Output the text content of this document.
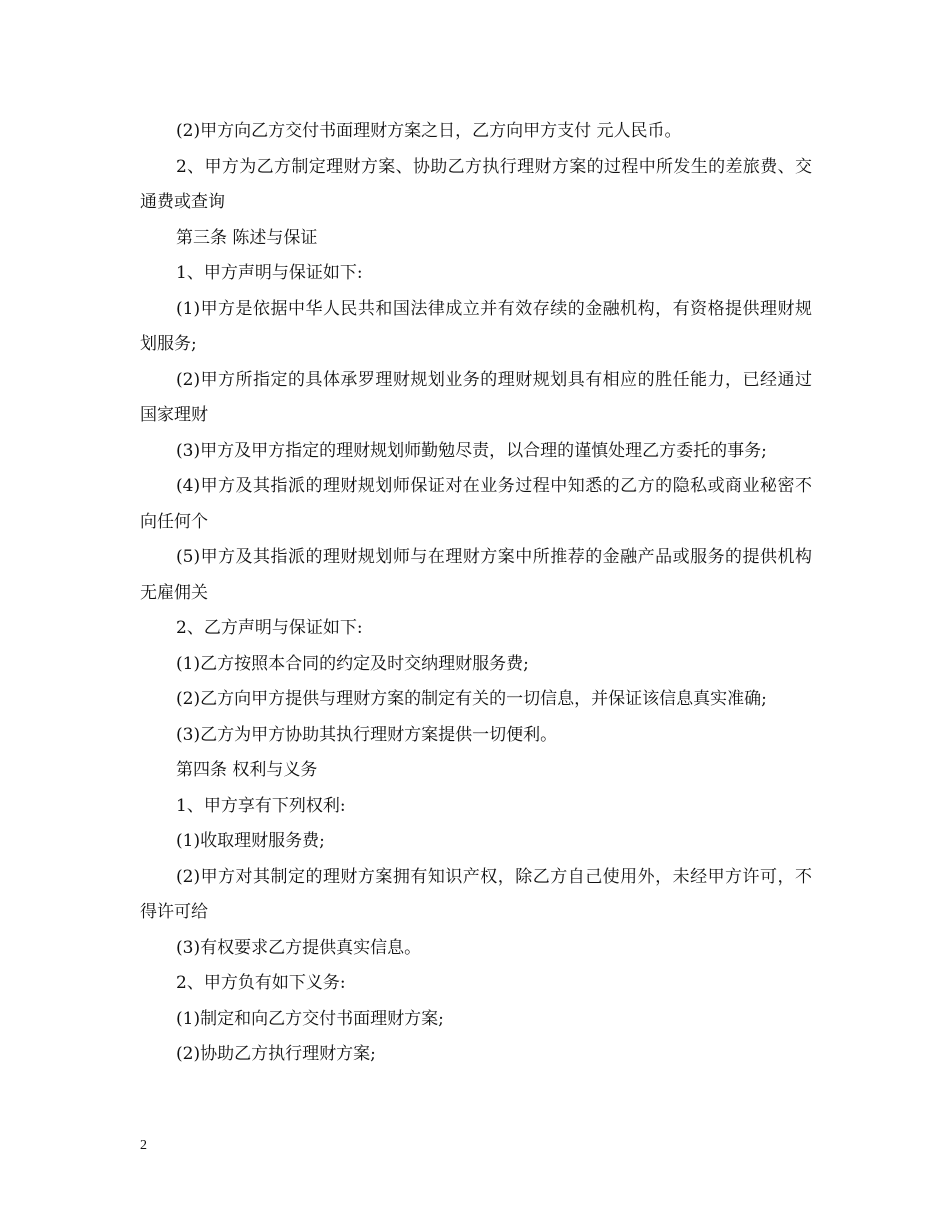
(2)甲方向乙方交付书面理财方案之日，乙方向甲方支付 元人民币。

2、甲方为乙方制定理财方案、协助乙方执行理财方案的过程中所发生的差旅费、交通费或查询

第三条 陈述与保证

1、甲方声明与保证如下:

(1)甲方是依据中华人民共和国法律成立并有效存续的金融机构，有资格提供理财规划服务;

(2)甲方所指定的具体承罗理财规划业务的理财规划具有相应的胜任能力，已经通过国家理财

(3)甲方及甲方指定的理财规划师勤勉尽责，以合理的谨慎处理乙方委托的事务;

(4)甲方及其指派的理财规划师保证对在业务过程中知悉的乙方的隐私或商业秘密不向任何个

(5)甲方及其指派的理财规划师与在理财方案中所推荐的金融产品或服务的提供机构无雇佣关

2、乙方声明与保证如下:

(1)乙方按照本合同的约定及时交纳理财服务费;

(2)乙方向甲方提供与理财方案的制定有关的一切信息，并保证该信息真实准确;

(3)乙方为甲方协助其执行理财方案提供一切便利。

第四条 权利与义务

1、甲方享有下列权利:

(1)收取理财服务费;

(2)甲方对其制定的理财方案拥有知识产权，除乙方自己使用外，未经甲方许可，不得许可给

(3)有权要求乙方提供真实信息。

2、甲方负有如下义务:

(1)制定和向乙方交付书面理财方案;

(2)协助乙方执行理财方案;

2
